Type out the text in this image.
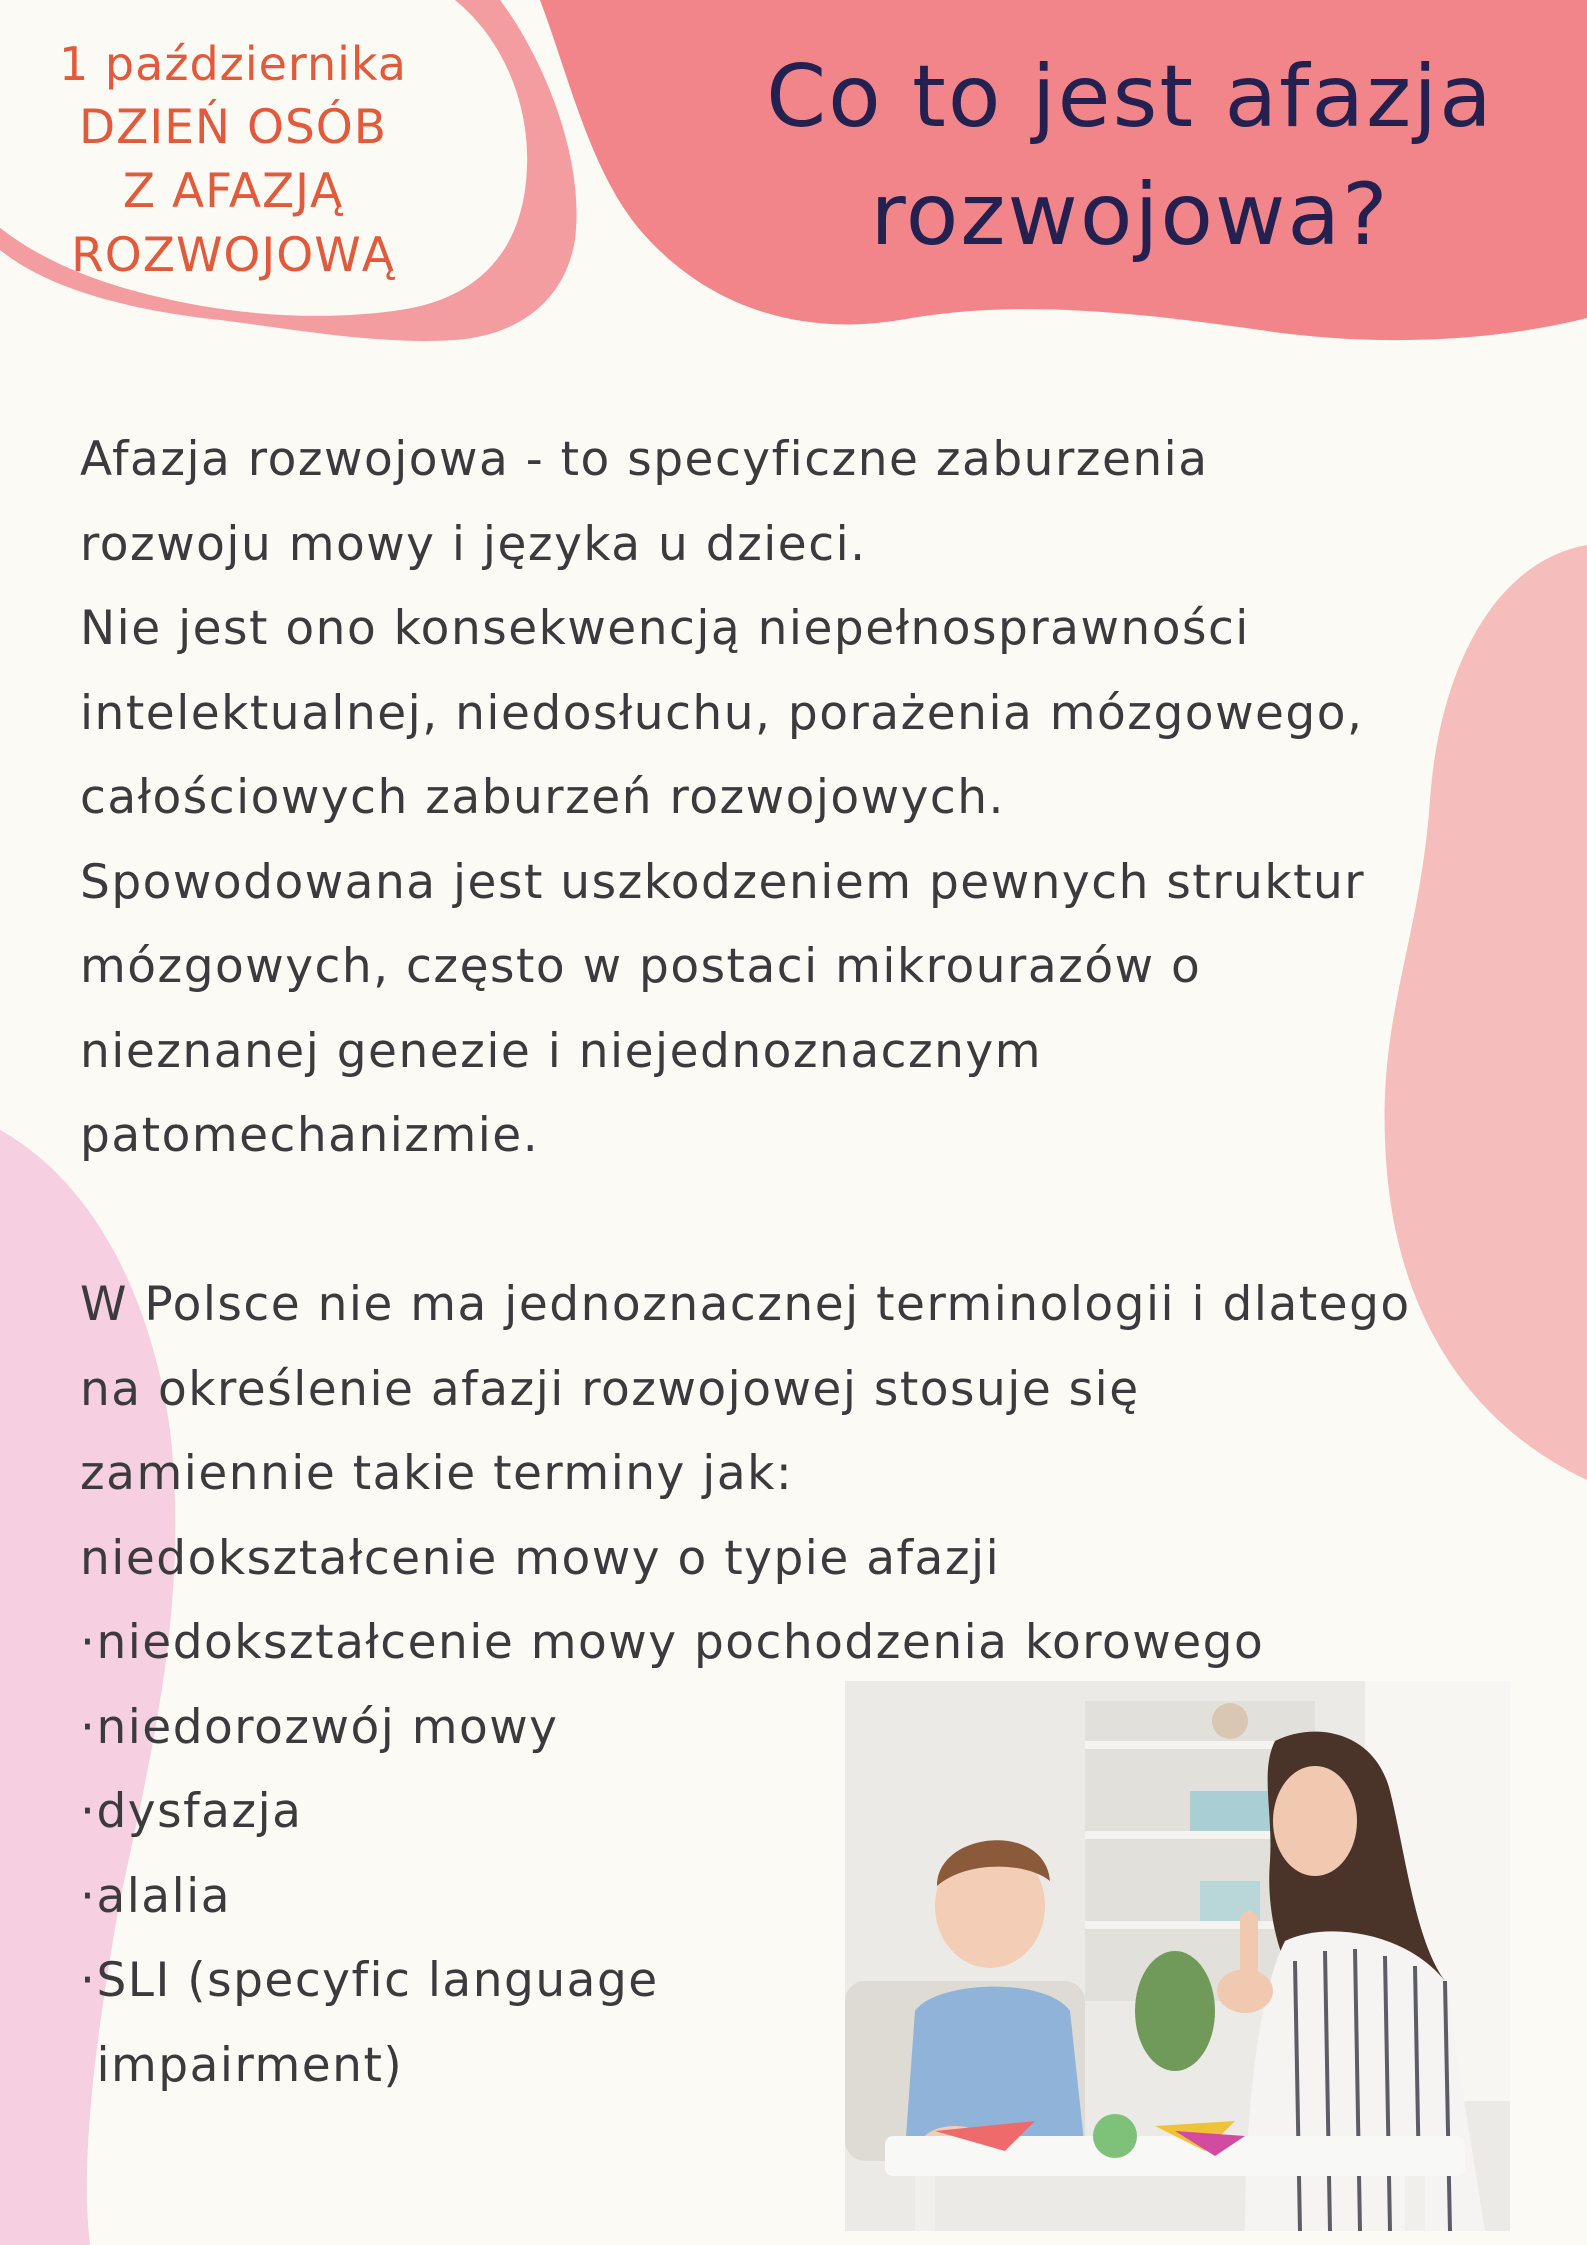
1 października
DZIEŃ OSÓB
Z AFAZJĄ
ROZWOJOWĄ
Co to jest afazja
rozwojowa?
Afazja rozwojowa - to specyficzne zaburzenia
rozwoju mowy i języka u dzieci.
Nie jest ono konsekwencją niepełnosprawności
intelektualnej, niedosłuchu, porażenia mózgowego,
całościowych zaburzeń rozwojowych.
Spowodowana jest uszkodzeniem pewnych struktur
mózgowych, często w postaci mikrourazów o
nieznanej genezie i niejednoznacznym
patomechanizmie.
W Polsce nie ma jednoznacznej terminologii i dlatego
na określenie afazji rozwojowej stosuje się
zamiennie takie terminy jak:
niedokształcenie mowy o typie afazji
·niedokształcenie mowy pochodzenia korowego
·niedorozwój mowy
·dysfazja
·alalia
·SLI (specyfic language
impairment)
